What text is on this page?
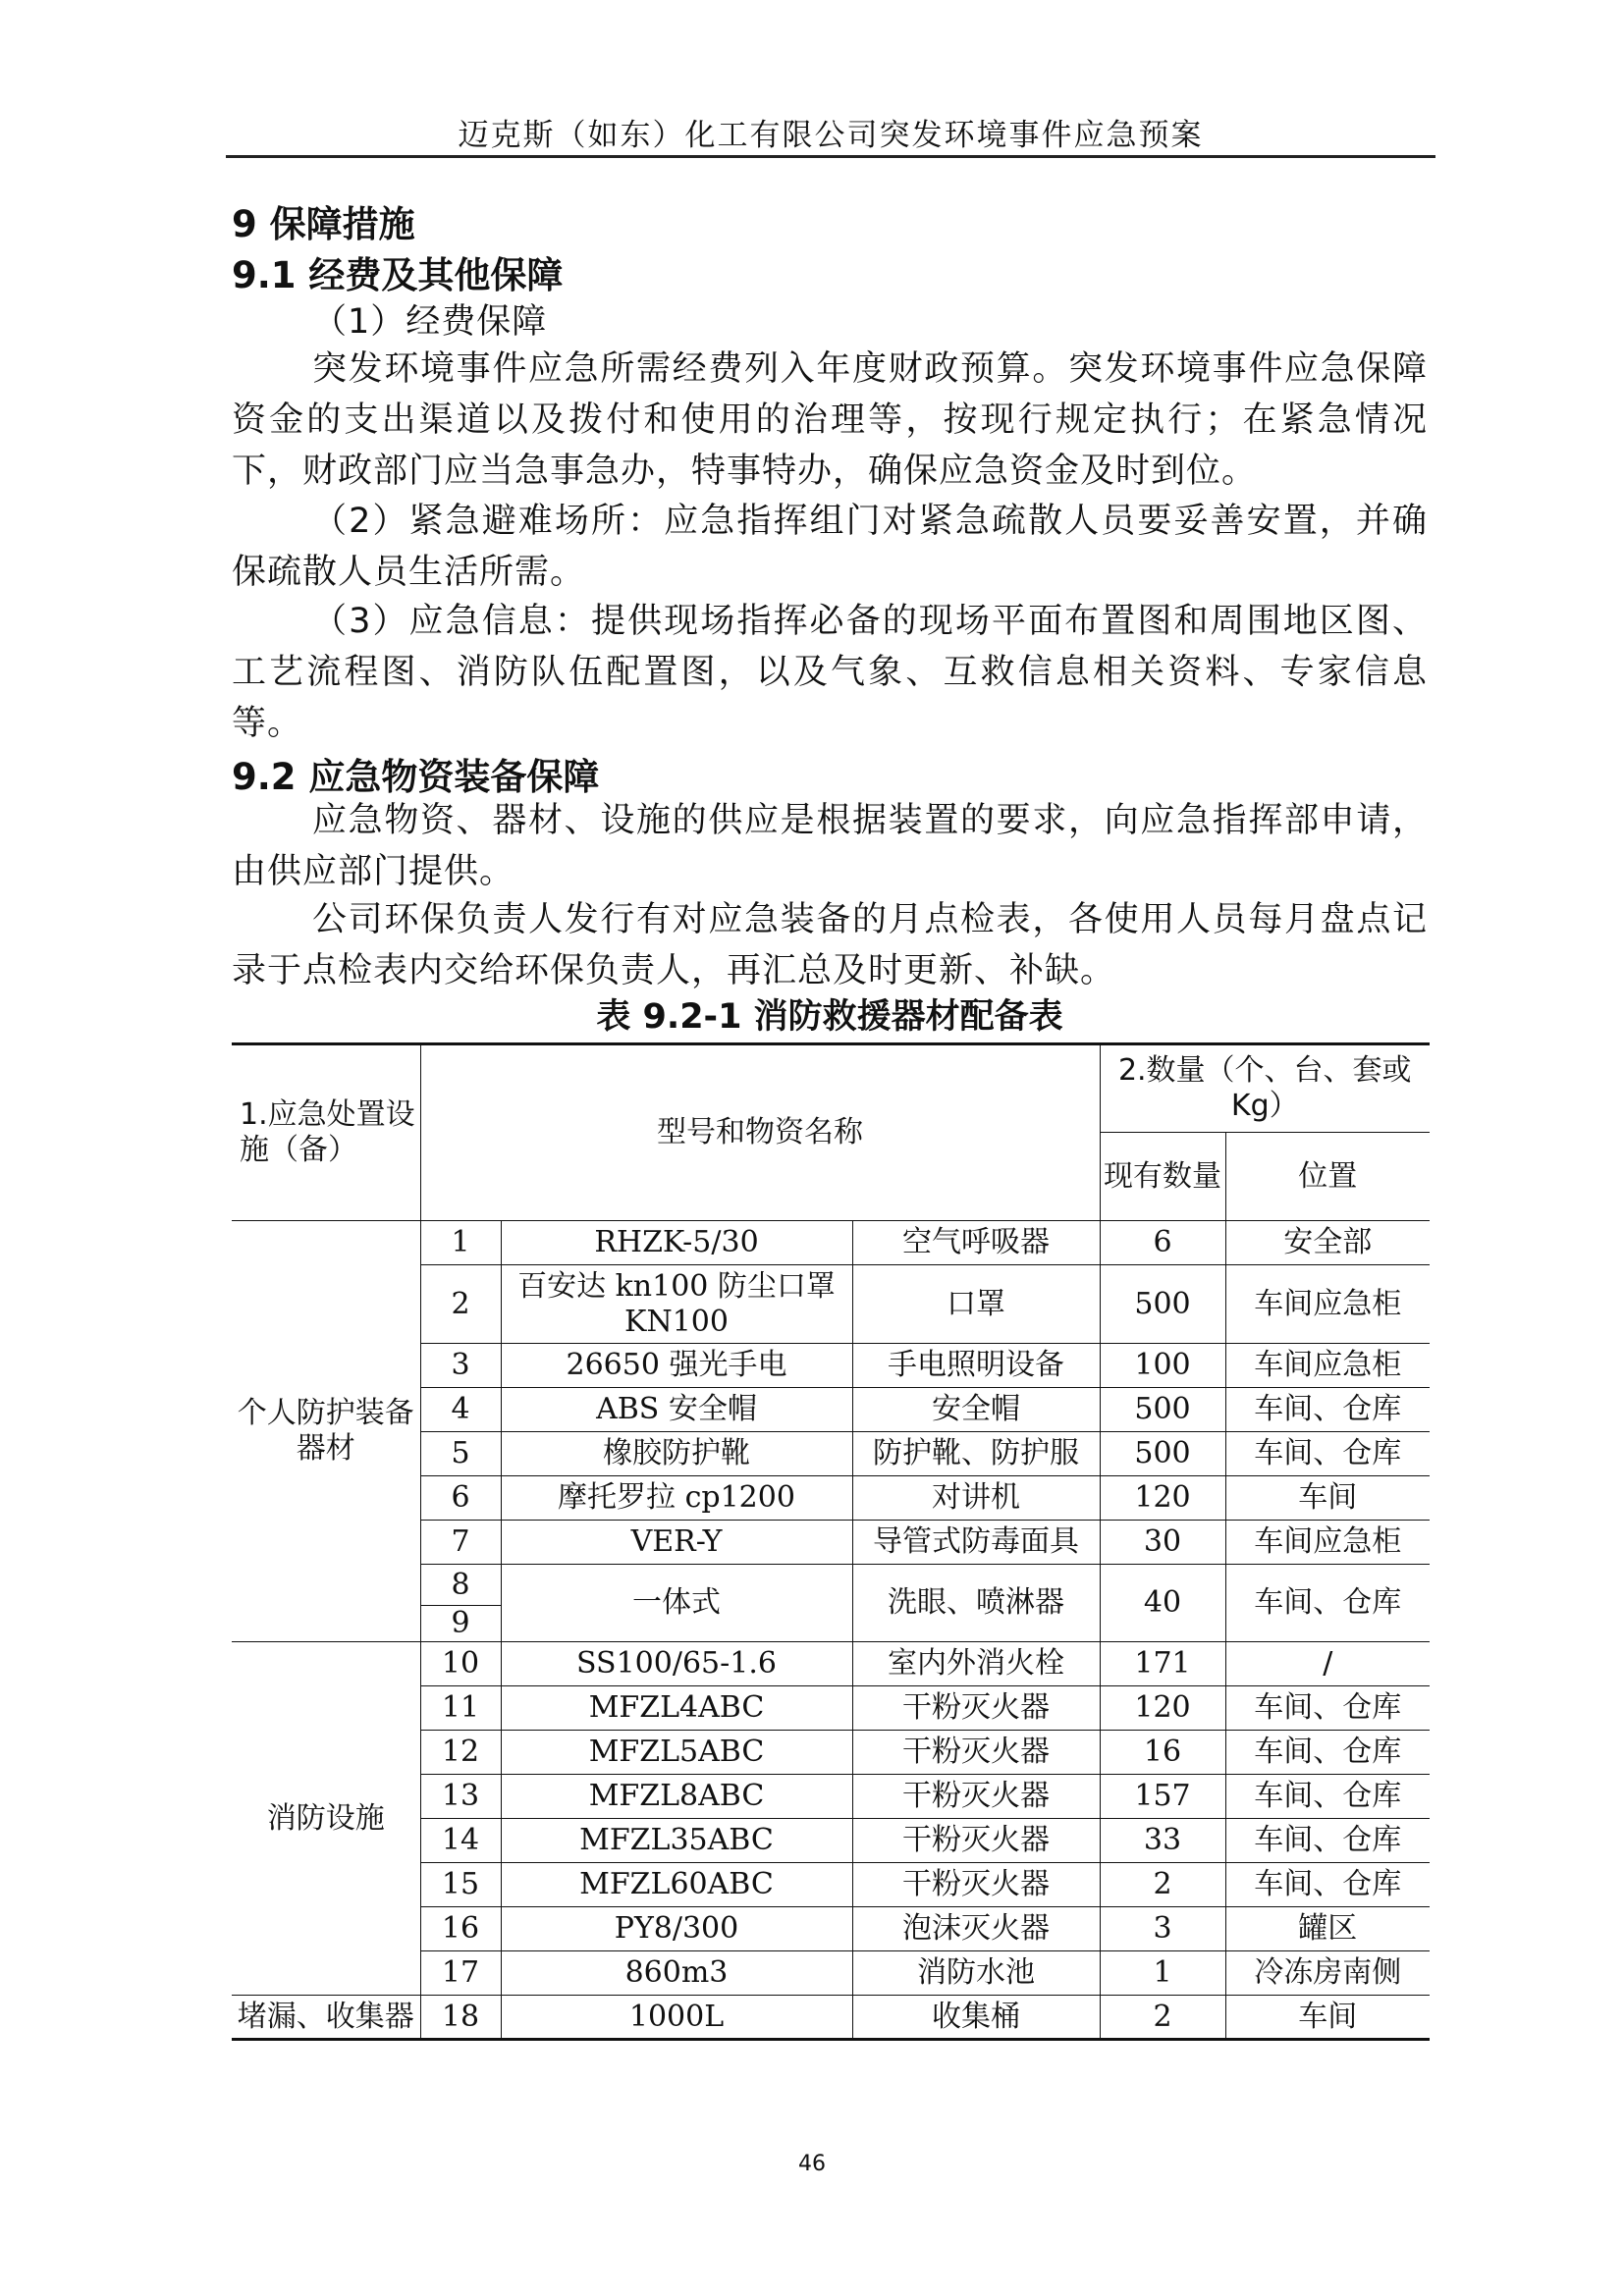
迈克斯（如东）化工有限公司突发环境事件应急预案
9 保障措施
9.1 经费及其他保障
（1）经费保障
突发环境事件应急所需经费列入年度财政预算。突发环境事件应急保障资金的支出渠道以及拨付和使用的治理等，按现行规定执行；在紧急情况下，财政部门应当急事急办，特事特办，确保应急资金及时到位。
（2）紧急避难场所：应急指挥组门对紧急疏散人员要妥善安置，并确保疏散人员生活所需。
（3）应急信息：提供现场指挥必备的现场平面布置图和周围地区图、工艺流程图、消防队伍配置图，以及气象、互救信息相关资料、专家信息等。
9.2 应急物资装备保障
应急物资、器材、设施的供应是根据装置的要求，向应急指挥部申请，由供应部门提供。
公司环保负责人发行有对应急装备的月点检表，各使用人员每月盘点记录于点检表内交给环保负责人，再汇总及时更新、补缺。
表 9.2-1 消防救援器材配备表
1.应急处置设施（备）	型号和物资名称			2.数量（个、台、套或Kg）	
				现有数量	位置
个人防护装备器材	1	RHZK-5/30	空气呼吸器	6	安全部
	2	百安达 kn100 防尘口罩 KN100	口罩	500	车间应急柜
	3	26650 强光手电	手电照明设备	100	车间应急柜
	4	ABS 安全帽	安全帽	500	车间、仓库
	5	橡胶防护靴	防护靴、防护服	500	车间、仓库
	6	摩托罗拉 cp1200	对讲机	120	车间
	7	VER-Y	导管式防毒面具	30	车间应急柜
	8	一体式	洗眼、喷淋器	40	车间、仓库
	9				
消防设施	10	SS100/65-1.6	室内外消火栓	171	/
	11	MFZL4ABC	干粉灭火器	120	车间、仓库
	12	MFZL5ABC	干粉灭火器	16	车间、仓库
	13	MFZL8ABC	干粉灭火器	157	车间、仓库
	14	MFZL35ABC	干粉灭火器	33	车间、仓库
	15	MFZL60ABC	干粉灭火器	2	车间、仓库
	16	PY8/300	泡沫灭火器	3	罐区
	17	860m3	消防水池	1	冷冻房南侧
堵漏、收集器	18	1000L	收集桶	2	车间
46
